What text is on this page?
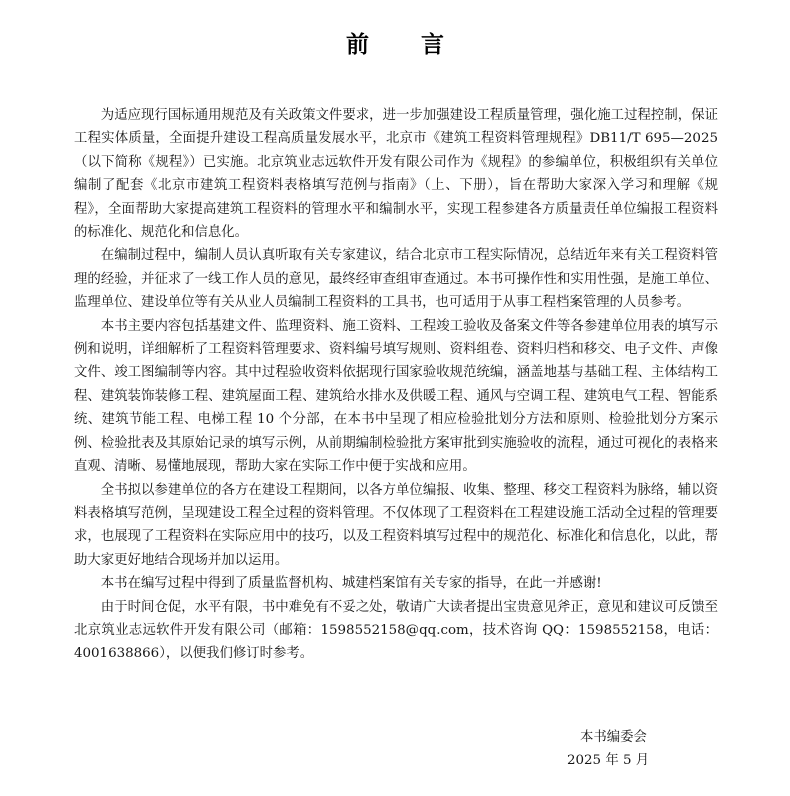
前 言

为适应现行国标通用规范及有关政策文件要求，进一步加强建设工程质量管理，强化施工过程控制，保证工程实体质量，全面提升建设工程高质量发展水平，北京市《建筑工程资料管理规程》DB11/T 695—2025（以下简称《规程》）已实施。北京筑业志远软件开发有限公司作为《规程》的参编单位，积极组织有关单位编制了配套《北京市建筑工程资料表格填写范例与指南》（上、下册），旨在帮助大家深入学习和理解《规程》，全面帮助大家提高建筑工程资料的管理水平和编制水平，实现工程参建各方质量责任单位编报工程资料的标准化、规范化和信息化。

在编制过程中，编制人员认真听取有关专家建议，结合北京市工程实际情况，总结近年来有关工程资料管理的经验，并征求了一线工作人员的意见，最终经审查组审查通过。本书可操作性和实用性强，是施工单位、监理单位、建设单位等有关从业人员编制工程资料的工具书，也可适用于从事工程档案管理的人员参考。

本书主要内容包括基建文件、监理资料、施工资料、工程竣工验收及备案文件等各参建单位用表的填写示例和说明，详细解析了工程资料管理要求、资料编号填写规则、资料组卷、资料归档和移交、电子文件、声像文件、竣工图编制等内容。其中过程验收资料依据现行国家验收规范统编，涵盖地基与基础工程、主体结构工程、建筑装饰装修工程、建筑屋面工程、建筑给水排水及供暖工程、通风与空调工程、建筑电气工程、智能系统、建筑节能工程、电梯工程 10 个分部，在本书中呈现了相应检验批划分方法和原则、检验批划分方案示例、检验批表及其原始记录的填写示例，从前期编制检验批方案审批到实施验收的流程，通过可视化的表格来直观、清晰、易懂地展现，帮助大家在实际工作中便于实战和应用。

全书拟以参建单位的各方在建设工程期间，以各方单位编报、收集、整理、移交工程资料为脉络，辅以资料表格填写范例，呈现建设工程全过程的资料管理。不仅体现了工程资料在工程建设施工活动全过程的管理要求，也展现了工程资料在实际应用中的技巧，以及工程资料填写过程中的规范化、标准化和信息化，以此，帮助大家更好地结合现场并加以运用。

本书在编写过程中得到了质量监督机构、城建档案馆有关专家的指导，在此一并感谢!

由于时间仓促，水平有限，书中难免有不妥之处，敬请广大读者提出宝贵意见斧正，意见和建议可反馈至北京筑业志远软件开发有限公司（邮箱：1598552158@qq.com，技术咨询 QQ：1598552158，电话：4001638866），以便我们修订时参考。

本书编委会
2025 年 5 月
